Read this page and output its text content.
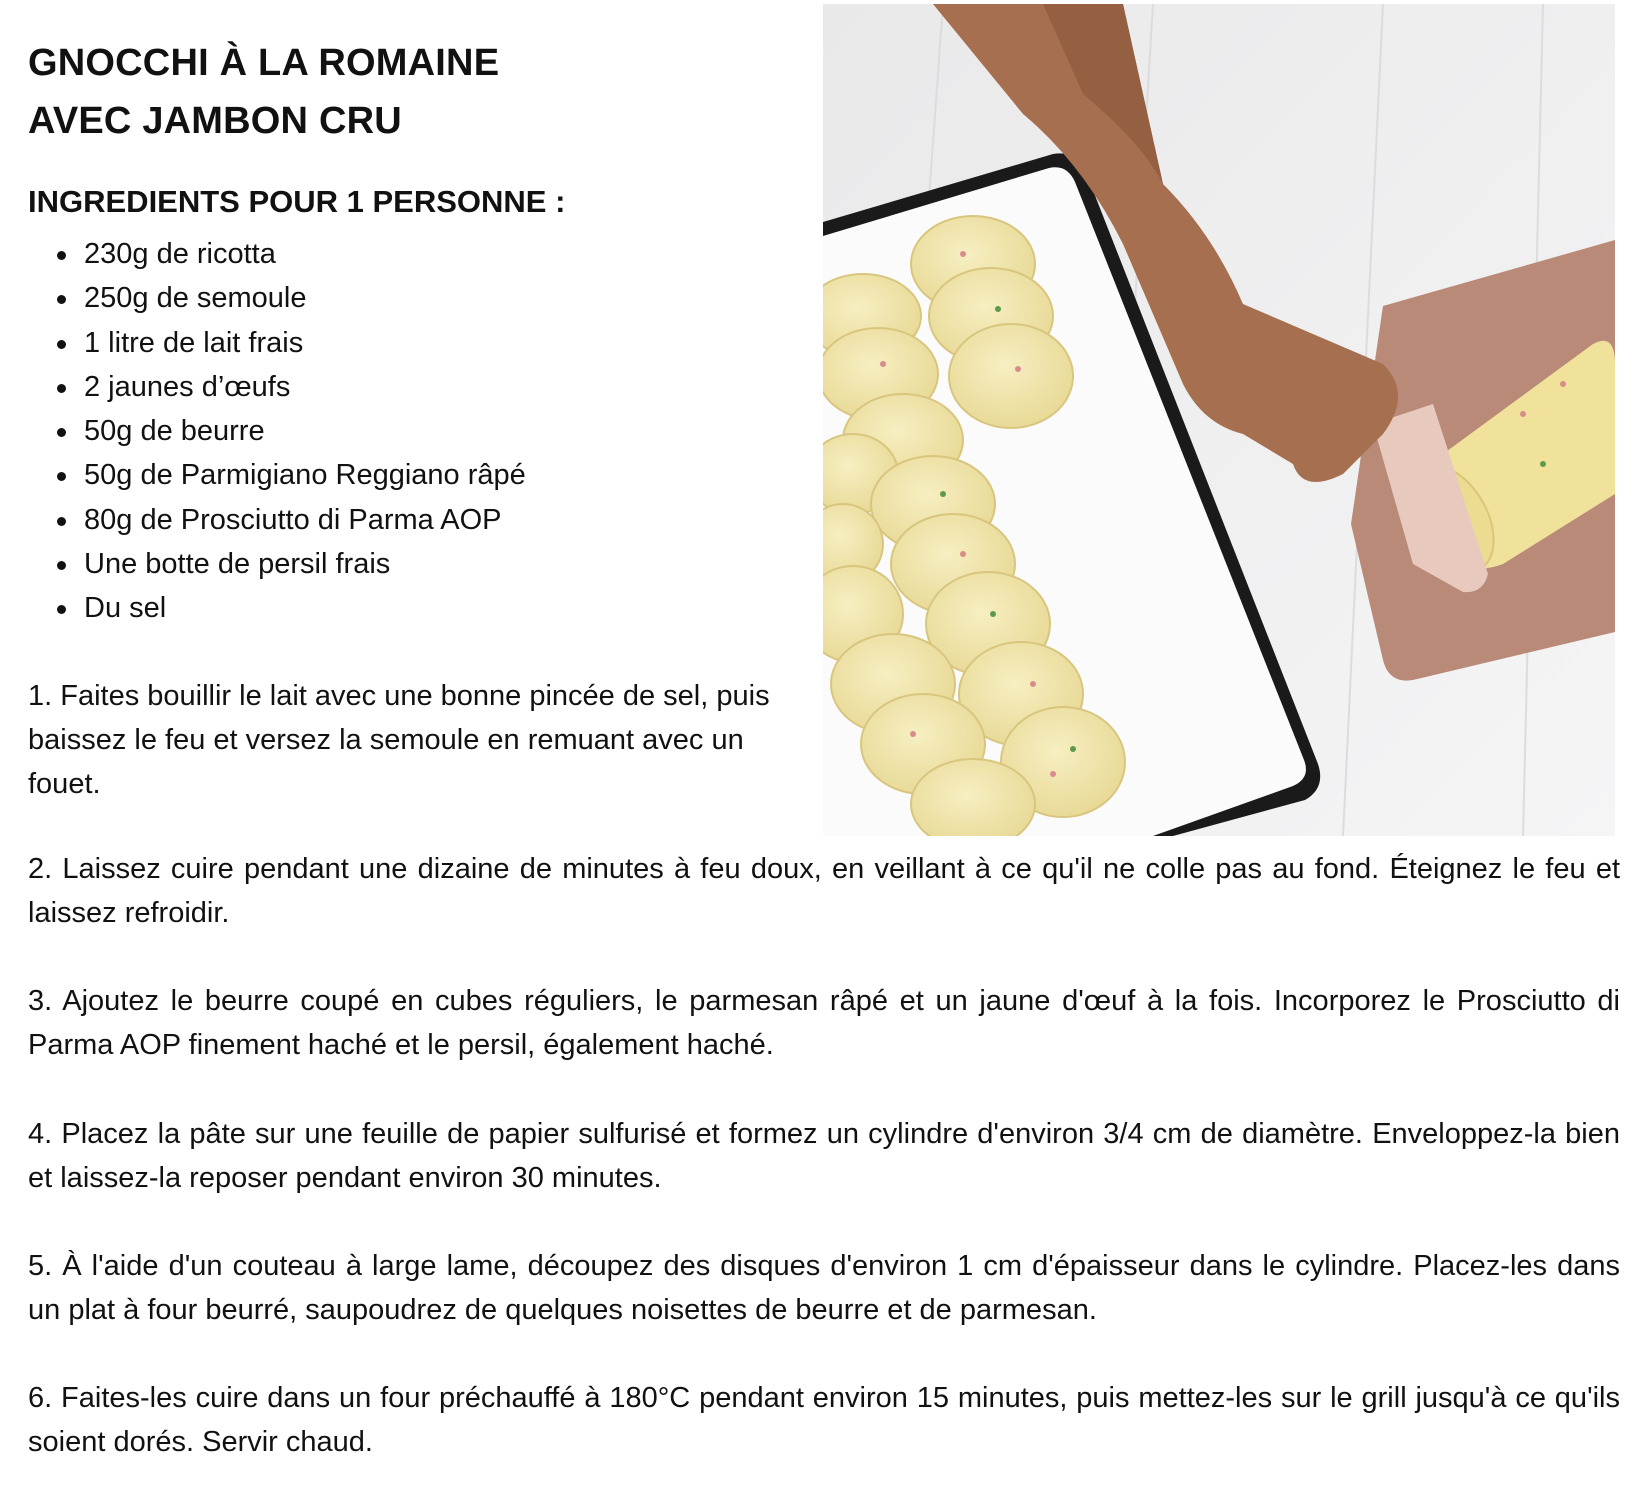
GNOCCHI À LA ROMAINE
AVEC JAMBON CRU
INGREDIENTS POUR 1 PERSONNE :
230g de ricotta
250g de semoule
1 litre de lait frais
2 jaunes d’œufs
50g de beurre
50g de Parmigiano Reggiano râpé
80g de Prosciutto di Parma AOP
Une botte de persil frais
Du sel

1. Faites bouillir le lait avec une bonne pincée de sel, puis baissez le feu et versez la semoule en remuant avec un fouet.

2. Laissez cuire pendant une dizaine de minutes à feu doux, en veillant à ce qu'il ne colle pas au fond. Éteignez le feu et laissez refroidir.

3. Ajoutez le beurre coupé en cubes réguliers, le parmesan râpé et un jaune d'œuf à la fois. Incorporez le Prosciutto di Parma AOP finement haché et le persil, également haché.

4. Placez la pâte sur une feuille de papier sulfurisé et formez un cylindre d'environ 3/4 cm de diamètre. Enveloppez-la bien et laissez-la reposer pendant environ 30 minutes.

5. À l'aide d'un couteau à large lame, découpez des disques d'environ 1 cm d'épaisseur dans le cylindre. Placez-les dans un plat à four beurré, saupoudrez de quelques noisettes de beurre et de parmesan.

6. Faites-les cuire dans un four préchauffé à 180°C pendant environ 15 minutes, puis mettez-les sur le grill jusqu'à ce qu'ils soient dorés. Servir chaud.
